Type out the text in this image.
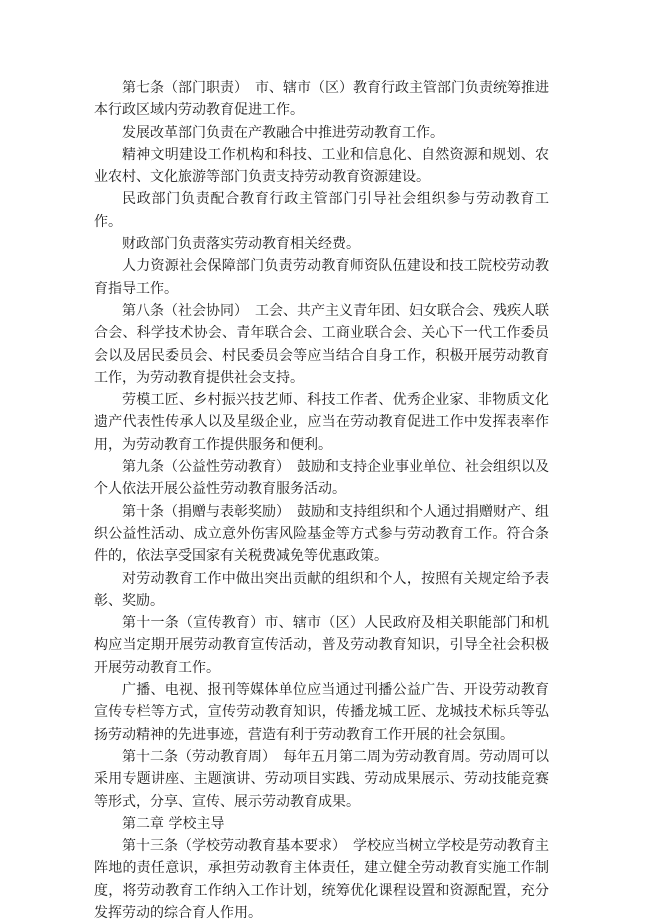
第七条（部门职责）　市、辖市（区）教育行政主管部门负责统筹推进本行政区域内劳动教育促进工作。

发展改革部门负责在产教融合中推进劳动教育工作。

精神文明建设工作机构和科技、工业和信息化、自然资源和规划、农业农村、文化旅游等部门负责支持劳动教育资源建设。

民政部门负责配合教育行政主管部门引导社会组织参与劳动教育工作。

财政部门负责落实劳动教育相关经费。

人力资源社会保障部门负责劳动教育师资队伍建设和技工院校劳动教育指导工作。

第八条（社会协同）　工会、共产主义青年团、妇女联合会、残疾人联合会、科学技术协会、青年联合会、工商业联合会、关心下一代工作委员会以及居民委员会、村民委员会等应当结合自身工作，积极开展劳动教育工作，为劳动教育提供社会支持。

劳模工匠、乡村振兴技艺师、科技工作者、优秀企业家、非物质文化遗产代表性传承人以及星级企业，应当在劳动教育促进工作中发挥表率作用，为劳动教育工作提供服务和便利。

第九条（公益性劳动教育）　鼓励和支持企业事业单位、社会组织以及个人依法开展公益性劳动教育服务活动。

第十条（捐赠与表彰奖励）　鼓励和支持组织和个人通过捐赠财产、组织公益性活动、成立意外伤害风险基金等方式参与劳动教育工作。符合条件的，依法享受国家有关税费减免等优惠政策。

对劳动教育工作中做出突出贡献的组织和个人，按照有关规定给予表彰、奖励。

第十一条（宣传教育）市、辖市（区）人民政府及相关职能部门和机构应当定期开展劳动教育宣传活动，普及劳动教育知识，引导全社会积极开展劳动教育工作。

广播、电视、报刊等媒体单位应当通过刊播公益广告、开设劳动教育宣传专栏等方式，宣传劳动教育知识，传播龙城工匠、龙城技术标兵等弘扬劳动精神的先进事迹，营造有利于劳动教育工作开展的社会氛围。

第十二条（劳动教育周）　每年五月第二周为劳动教育周。劳动周可以采用专题讲座、主题演讲、劳动项目实践、劳动成果展示、劳动技能竞赛等形式，分享、宣传、展示劳动教育成果。

第二章 学校主导

第十三条（学校劳动教育基本要求）　学校应当树立学校是劳动教育主阵地的责任意识，承担劳动教育主体责任，建立健全劳动教育实施工作制度，将劳动教育工作纳入工作计划，统筹优化课程设置和资源配置，充分发挥劳动的综合育人作用。
